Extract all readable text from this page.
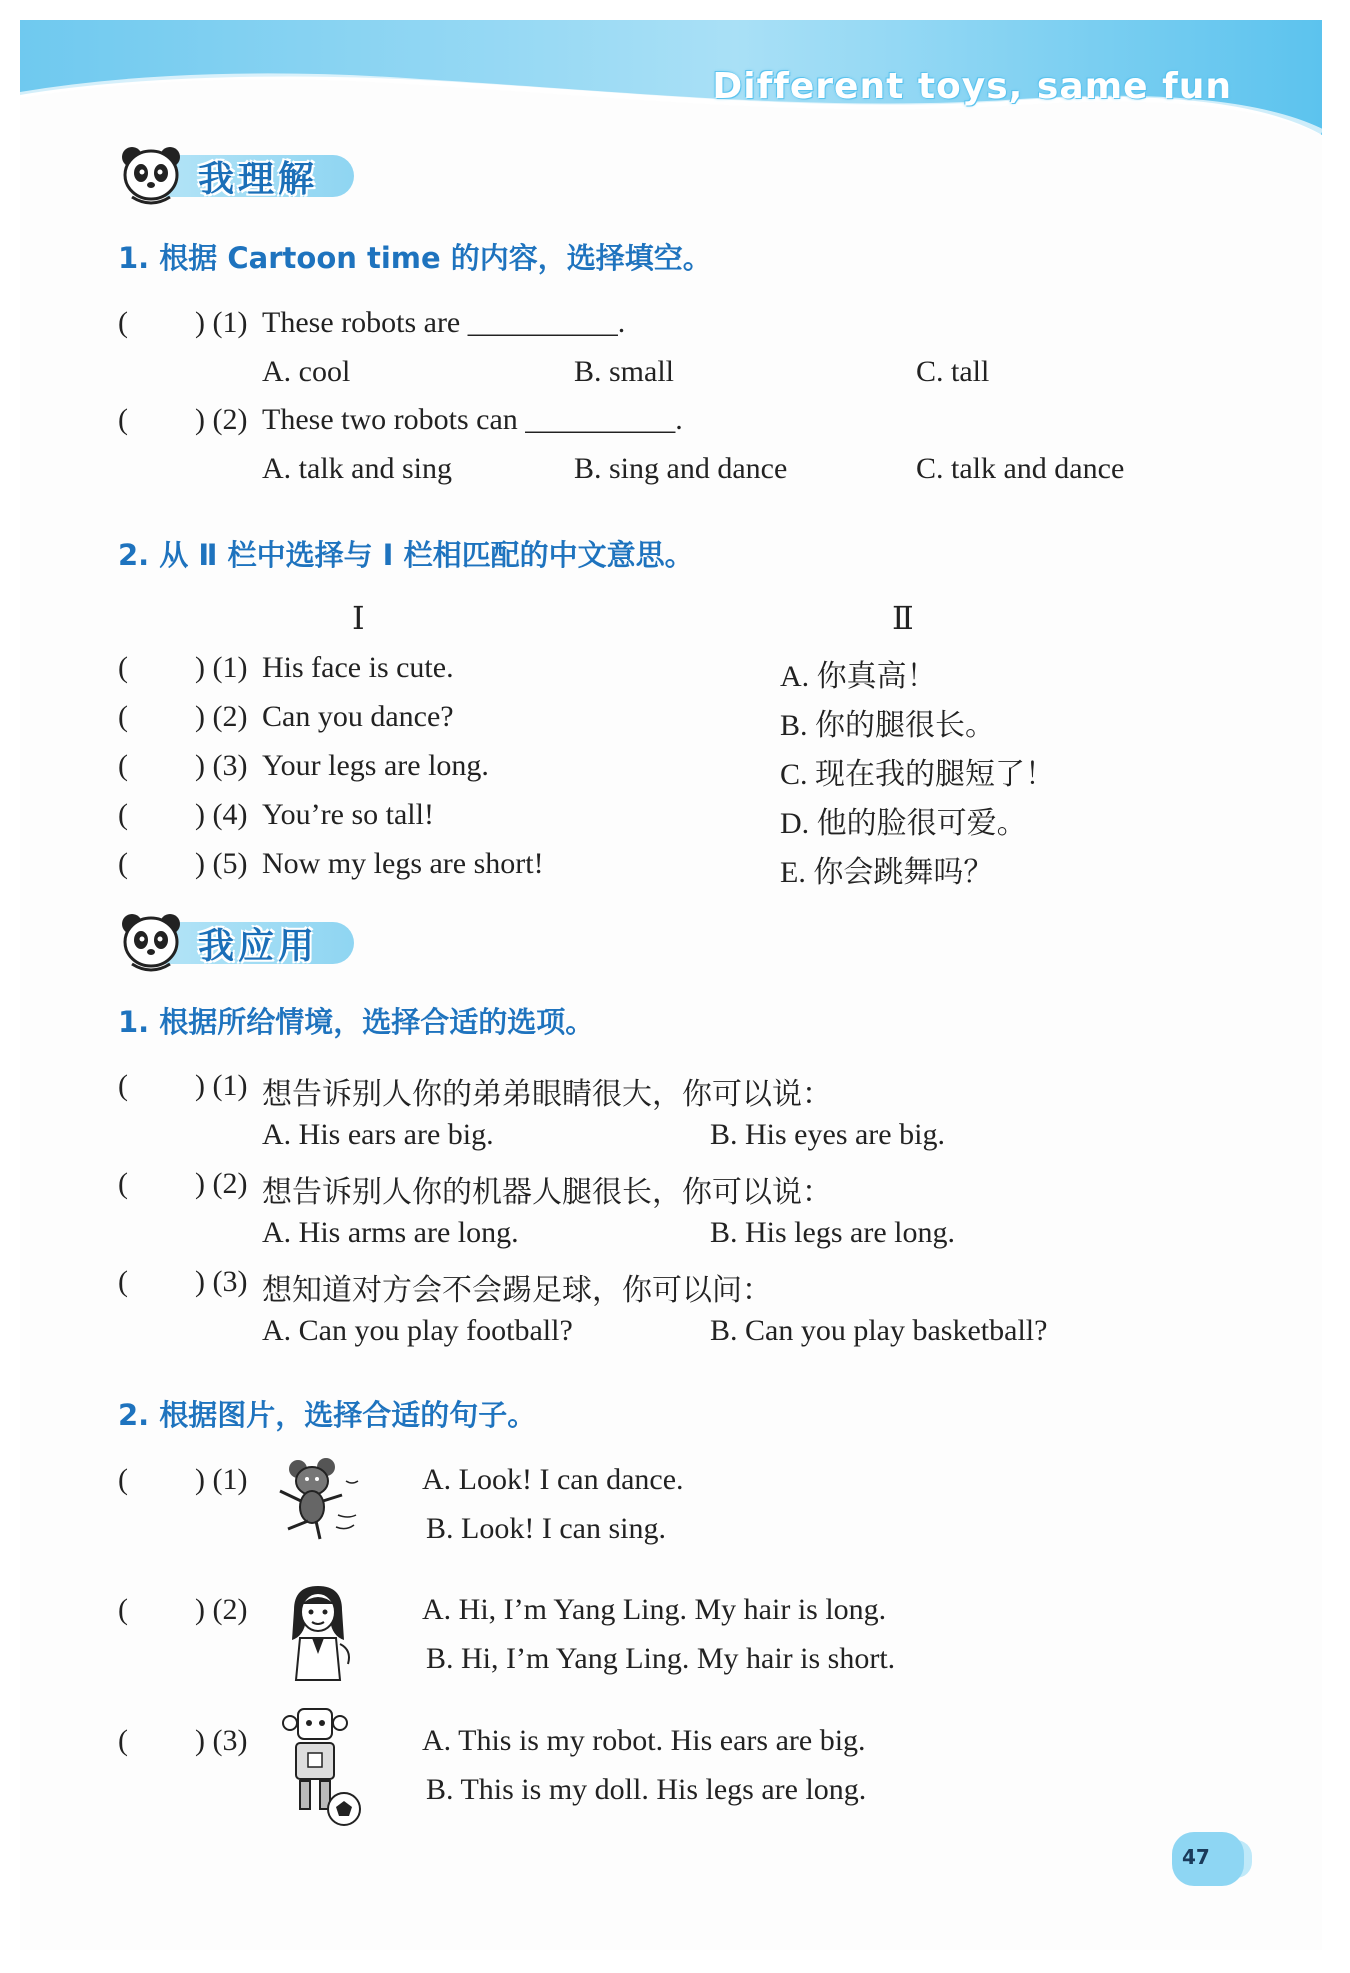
Different toys, same fun
我理解
1. 根据 Cartoon time 的内容，选择填空。
( ) (1) These robots are __________.
A. cool	B. small	C. tall
( ) (2) These two robots can __________.
A. talk and sing	B. sing and dance	C. talk and dance
2. 从 Ⅱ 栏中选择与 Ⅰ 栏相匹配的中文意思。
Ⅰ	Ⅱ
( ) (1) His face is cute.	A. 你真高！
( ) (2) Can you dance?	B. 你的腿很长。
( ) (3) Your legs are long.	C. 现在我的腿短了！
( ) (4) You’re so tall!	D. 他的脸很可爱。
( ) (5) Now my legs are short!	E. 你会跳舞吗？
我应用
1. 根据所给情境，选择合适的选项。
( ) (1) 想告诉别人你的弟弟眼睛很大，你可以说：
A. His ears are big.	B. His eyes are big.
( ) (2) 想告诉别人你的机器人腿很长，你可以说：
A. His arms are long.	B. His legs are long.
( ) (3) 想知道对方会不会踢足球，你可以问：
A. Can you play football?	B. Can you play basketball?
2. 根据图片，选择合适的句子。
( ) (1)	A. Look! I can dance.
B. Look! I can sing.
( ) (2)	A. Hi, I’m Yang Ling. My hair is long.
B. Hi, I’m Yang Ling. My hair is short.
( ) (3)	A. This is my robot. His ears are big.
B. This is my doll. His legs are long.
47
